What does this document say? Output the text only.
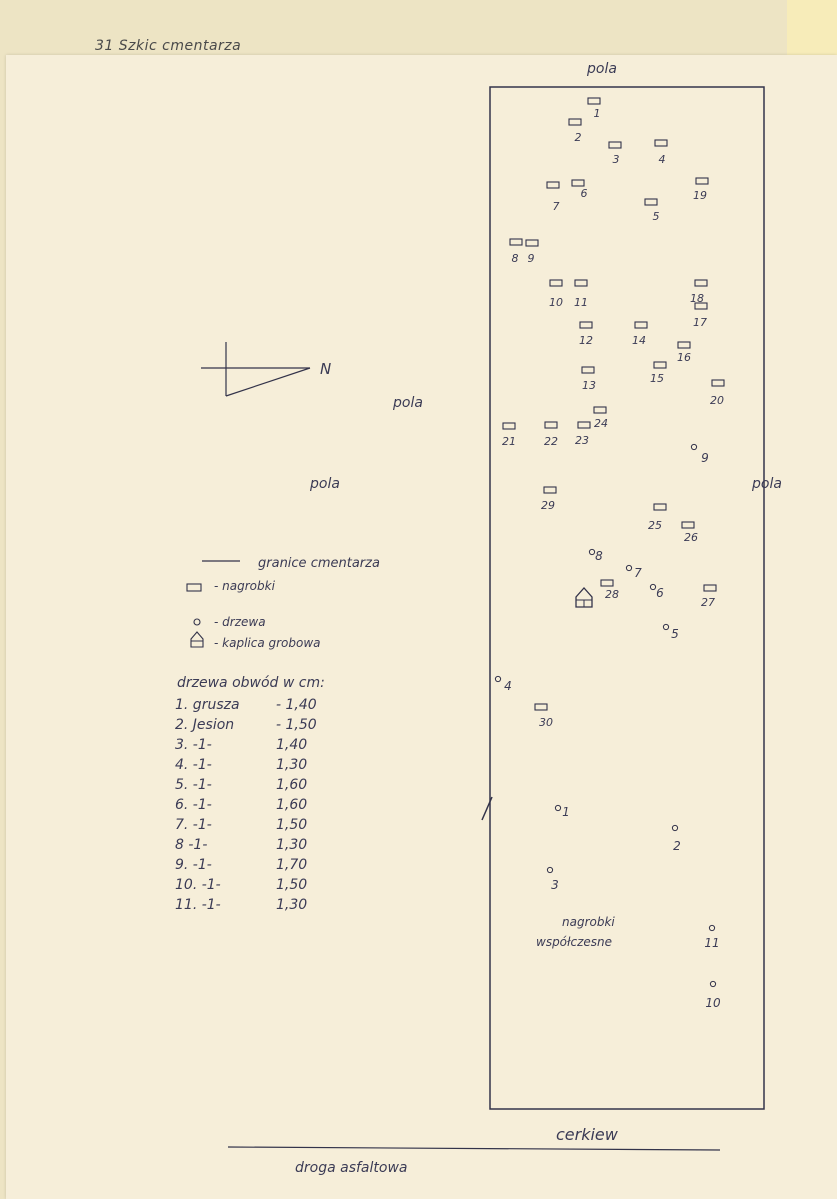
31 Szkic cmentarza
N
pola
pola
pola	pola
cerkiew
droga asfaltowa
nagrobki
współczesne
granice cmentarza
- nagrobki
- drzewa
- kaplica grobowa
drzewa obwód w cm:
1. grusza	- 1,40
2. Jesion	- 1,50
3. -1-	1,40
4. -1-	1,30
5. -1-	1,60
6. -1-	1,60
7. -1-	1,50
8 -1-	1,30
9. -1-	1,70
10. -1-	1,50
11. -1-	1,30
1
2
3	4
5
6
7
8 9
10 11
12
13
14
15
16
17
18
19
20
21	22 23
24
25
26
27
28
29
30
1
2
3
4
5
6
7
8
9
10
11
